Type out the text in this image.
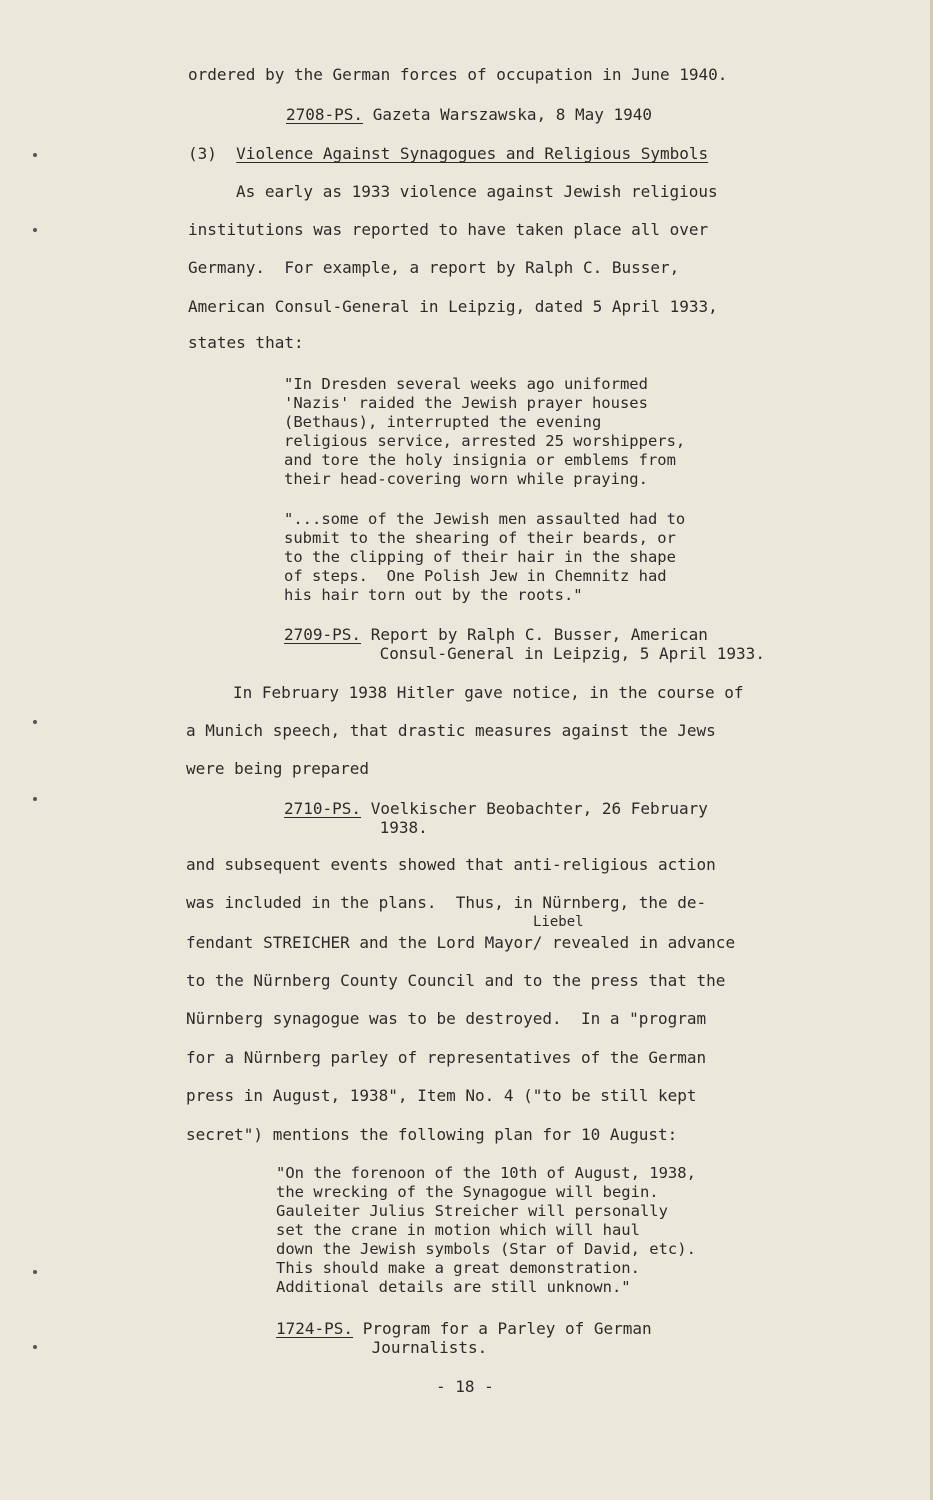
ordered by the German forces of occupation in June 1940.
2708-PS. Gazeta Warszawska, 8 May 1940
(3) Violence Against Synagogues and Religious Symbols
As early as 1933 violence against Jewish religious
institutions was reported to have taken place all over
Germany.  For example, a report by Ralph C. Busser,
American Consul-General in Leipzig, dated 5 April 1933,
states that:
"In Dresden several weeks ago uniformed
'Nazis' raided the Jewish prayer houses
(Bethaus), interrupted the evening
religious service, arrested 25 worshippers,
and tore the holy insignia or emblems from
their head-covering worn while praying.
"...some of the Jewish men assaulted had to
submit to the shearing of their beards, or
to the clipping of their hair in the shape
of steps.  One Polish Jew in Chemnitz had
his hair torn out by the roots."
2709-PS. Report by Ralph C. Busser, American
Consul-General in Leipzig, 5 April 1933.
In February 1938 Hitler gave notice, in the course of
a Munich speech, that drastic measures against the Jews
were being prepared
2710-PS. Voelkischer Beobachter, 26 February
1938.
and subsequent events showed that anti-religious action
was included in the plans.  Thus, in Nürnberg, the de-
Liebel
fendant STREICHER and the Lord Mayor/ revealed in advance
to the Nürnberg County Council and to the press that the
Nürnberg synagogue was to be destroyed.  In a "program
for a Nürnberg parley of representatives of the German
press in August, 1938", Item No. 4 ("to be still kept
secret") mentions the following plan for 10 August:
"On the forenoon of the 10th of August, 1938,
the wrecking of the Synagogue will begin.
Gauleiter Julius Streicher will personally
set the crane in motion which will haul
down the Jewish symbols (Star of David, etc).
This should make a great demonstration.
Additional details are still unknown."
1724-PS. Program for a Parley of German
Journalists.
- 18 -
